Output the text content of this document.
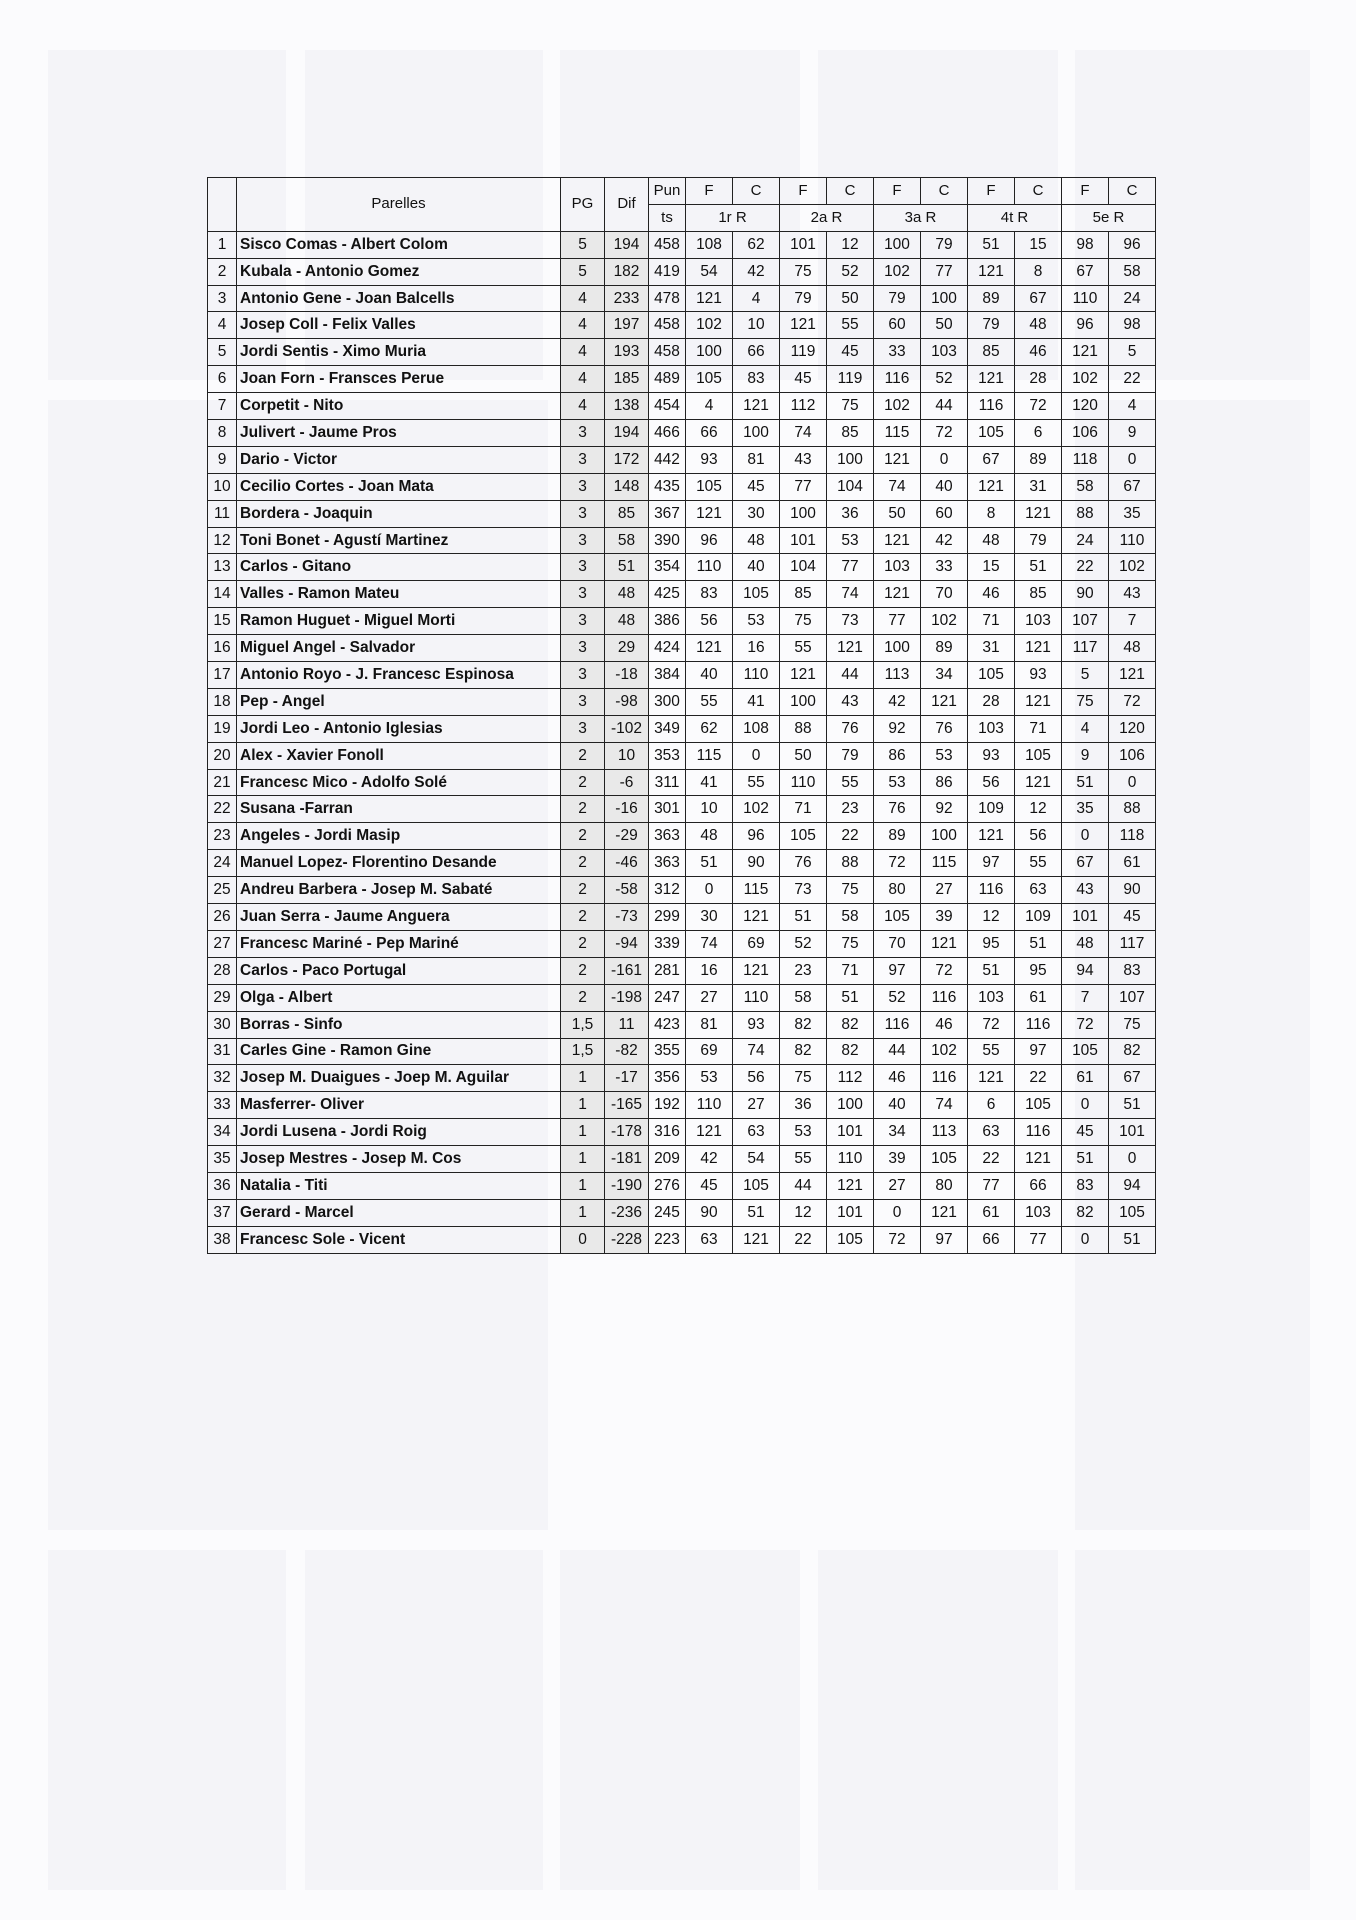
	Parelles	PG	Dif	Pun	F	C	F	C	F	C	F	C	F	C
				ts	1r R		2a R		3a R		4t R		5e R	
1	Sisco Comas - Albert Colom	5	194	458	108	62	101	12	100	79	51	15	98	96
2	Kubala - Antonio Gomez	5	182	419	54	42	75	52	102	77	121	8	67	58
3	Antonio Gene - Joan Balcells	4	233	478	121	4	79	50	79	100	89	67	110	24
4	Josep Coll - Felix Valles	4	197	458	102	10	121	55	60	50	79	48	96	98
5	Jordi Sentis - Ximo Muria	4	193	458	100	66	119	45	33	103	85	46	121	5
6	Joan Forn - Fransces Perue	4	185	489	105	83	45	119	116	52	121	28	102	22
7	Corpetit - Nito	4	138	454	4	121	112	75	102	44	116	72	120	4
8	Julivert - Jaume Pros	3	194	466	66	100	74	85	115	72	105	6	106	9
9	Dario - Victor	3	172	442	93	81	43	100	121	0	67	89	118	0
10	Cecilio Cortes - Joan Mata	3	148	435	105	45	77	104	74	40	121	31	58	67
11	Bordera - Joaquin	3	85	367	121	30	100	36	50	60	8	121	88	35
12	Toni Bonet - Agustí Martinez	3	58	390	96	48	101	53	121	42	48	79	24	110
13	Carlos - Gitano	3	51	354	110	40	104	77	103	33	15	51	22	102
14	Valles - Ramon Mateu	3	48	425	83	105	85	74	121	70	46	85	90	43
15	Ramon Huguet - Miguel Morti	3	48	386	56	53	75	73	77	102	71	103	107	7
16	Miguel Angel - Salvador	3	29	424	121	16	55	121	100	89	31	121	117	48
17	Antonio Royo - J. Francesc Espinosa	3	-18	384	40	110	121	44	113	34	105	93	5	121
18	Pep - Angel	3	-98	300	55	41	100	43	42	121	28	121	75	72
19	Jordi Leo - Antonio Iglesias	3	-102	349	62	108	88	76	92	76	103	71	4	120
20	Alex - Xavier Fonoll	2	10	353	115	0	50	79	86	53	93	105	9	106
21	Francesc Mico - Adolfo Solé	2	-6	311	41	55	110	55	53	86	56	121	51	0
22	Susana -Farran	2	-16	301	10	102	71	23	76	92	109	12	35	88
23	Angeles - Jordi Masip	2	-29	363	48	96	105	22	89	100	121	56	0	118
24	Manuel Lopez- Florentino Desande	2	-46	363	51	90	76	88	72	115	97	55	67	61
25	Andreu Barbera - Josep M. Sabaté	2	-58	312	0	115	73	75	80	27	116	63	43	90
26	Juan Serra - Jaume Anguera	2	-73	299	30	121	51	58	105	39	12	109	101	45
27	Francesc Mariné - Pep Mariné	2	-94	339	74	69	52	75	70	121	95	51	48	117
28	Carlos - Paco Portugal	2	-161	281	16	121	23	71	97	72	51	95	94	83
29	Olga - Albert	2	-198	247	27	110	58	51	52	116	103	61	7	107
30	Borras - Sinfo	1,5	11	423	81	93	82	82	116	46	72	116	72	75
31	Carles Gine - Ramon Gine	1,5	-82	355	69	74	82	82	44	102	55	97	105	82
32	Josep M. Duaigues - Joep M. Aguilar	1	-17	356	53	56	75	112	46	116	121	22	61	67
33	Masferrer- Oliver	1	-165	192	110	27	36	100	40	74	6	105	0	51
34	Jordi Lusena - Jordi Roig	1	-178	316	121	63	53	101	34	113	63	116	45	101
35	Josep Mestres - Josep M. Cos	1	-181	209	42	54	55	110	39	105	22	121	51	0
36	Natalia - Titi	1	-190	276	45	105	44	121	27	80	77	66	83	94
37	Gerard - Marcel	1	-236	245	90	51	12	101	0	121	61	103	82	105
38	Francesc Sole - Vicent	0	-228	223	63	121	22	105	72	97	66	77	0	51
